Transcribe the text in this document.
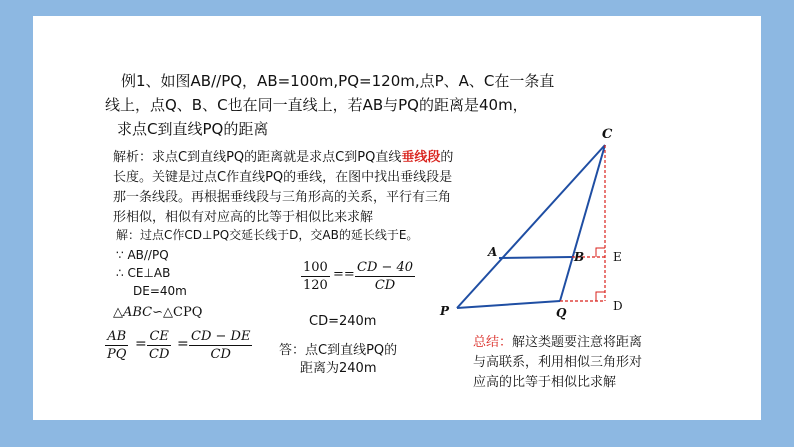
例1、如图AB//PQ，AB=100m,PQ=120m,点P、A、C在一条直
线上，点Q、B、C也在同一直线上，若AB与PQ的距离是40m，
求点C到直线PQ的距离
解析：求点C到直线PQ的距离就是求点C到PQ直线垂线段的
长度。关键是过点C作直线PQ的垂线，在图中找出垂线段是
那一条线段。再根据垂线段与三角形高的关系，平行有三角
形相似，相似有对应高的比等于相似比来求解
解：过点C作CD⊥PQ交延长线于D，交AB的延长线于E。
∵ AB//PQ
∴ CE⊥AB
DE=40m
△ABC∽△CPQ
$\frac{AB}{PQ} = \frac{CE}{CD} = \frac{CD - DE}{CD}$
$\frac{100}{120} == \frac{CD - 40}{CD}$
CD=240m
答：点C到直线PQ的
距离为240m
C
A	B E
P	Q	D
总结：解这类题要注意将距离
与高联系，利用相似三角形对
应高的比等于相似比求解
